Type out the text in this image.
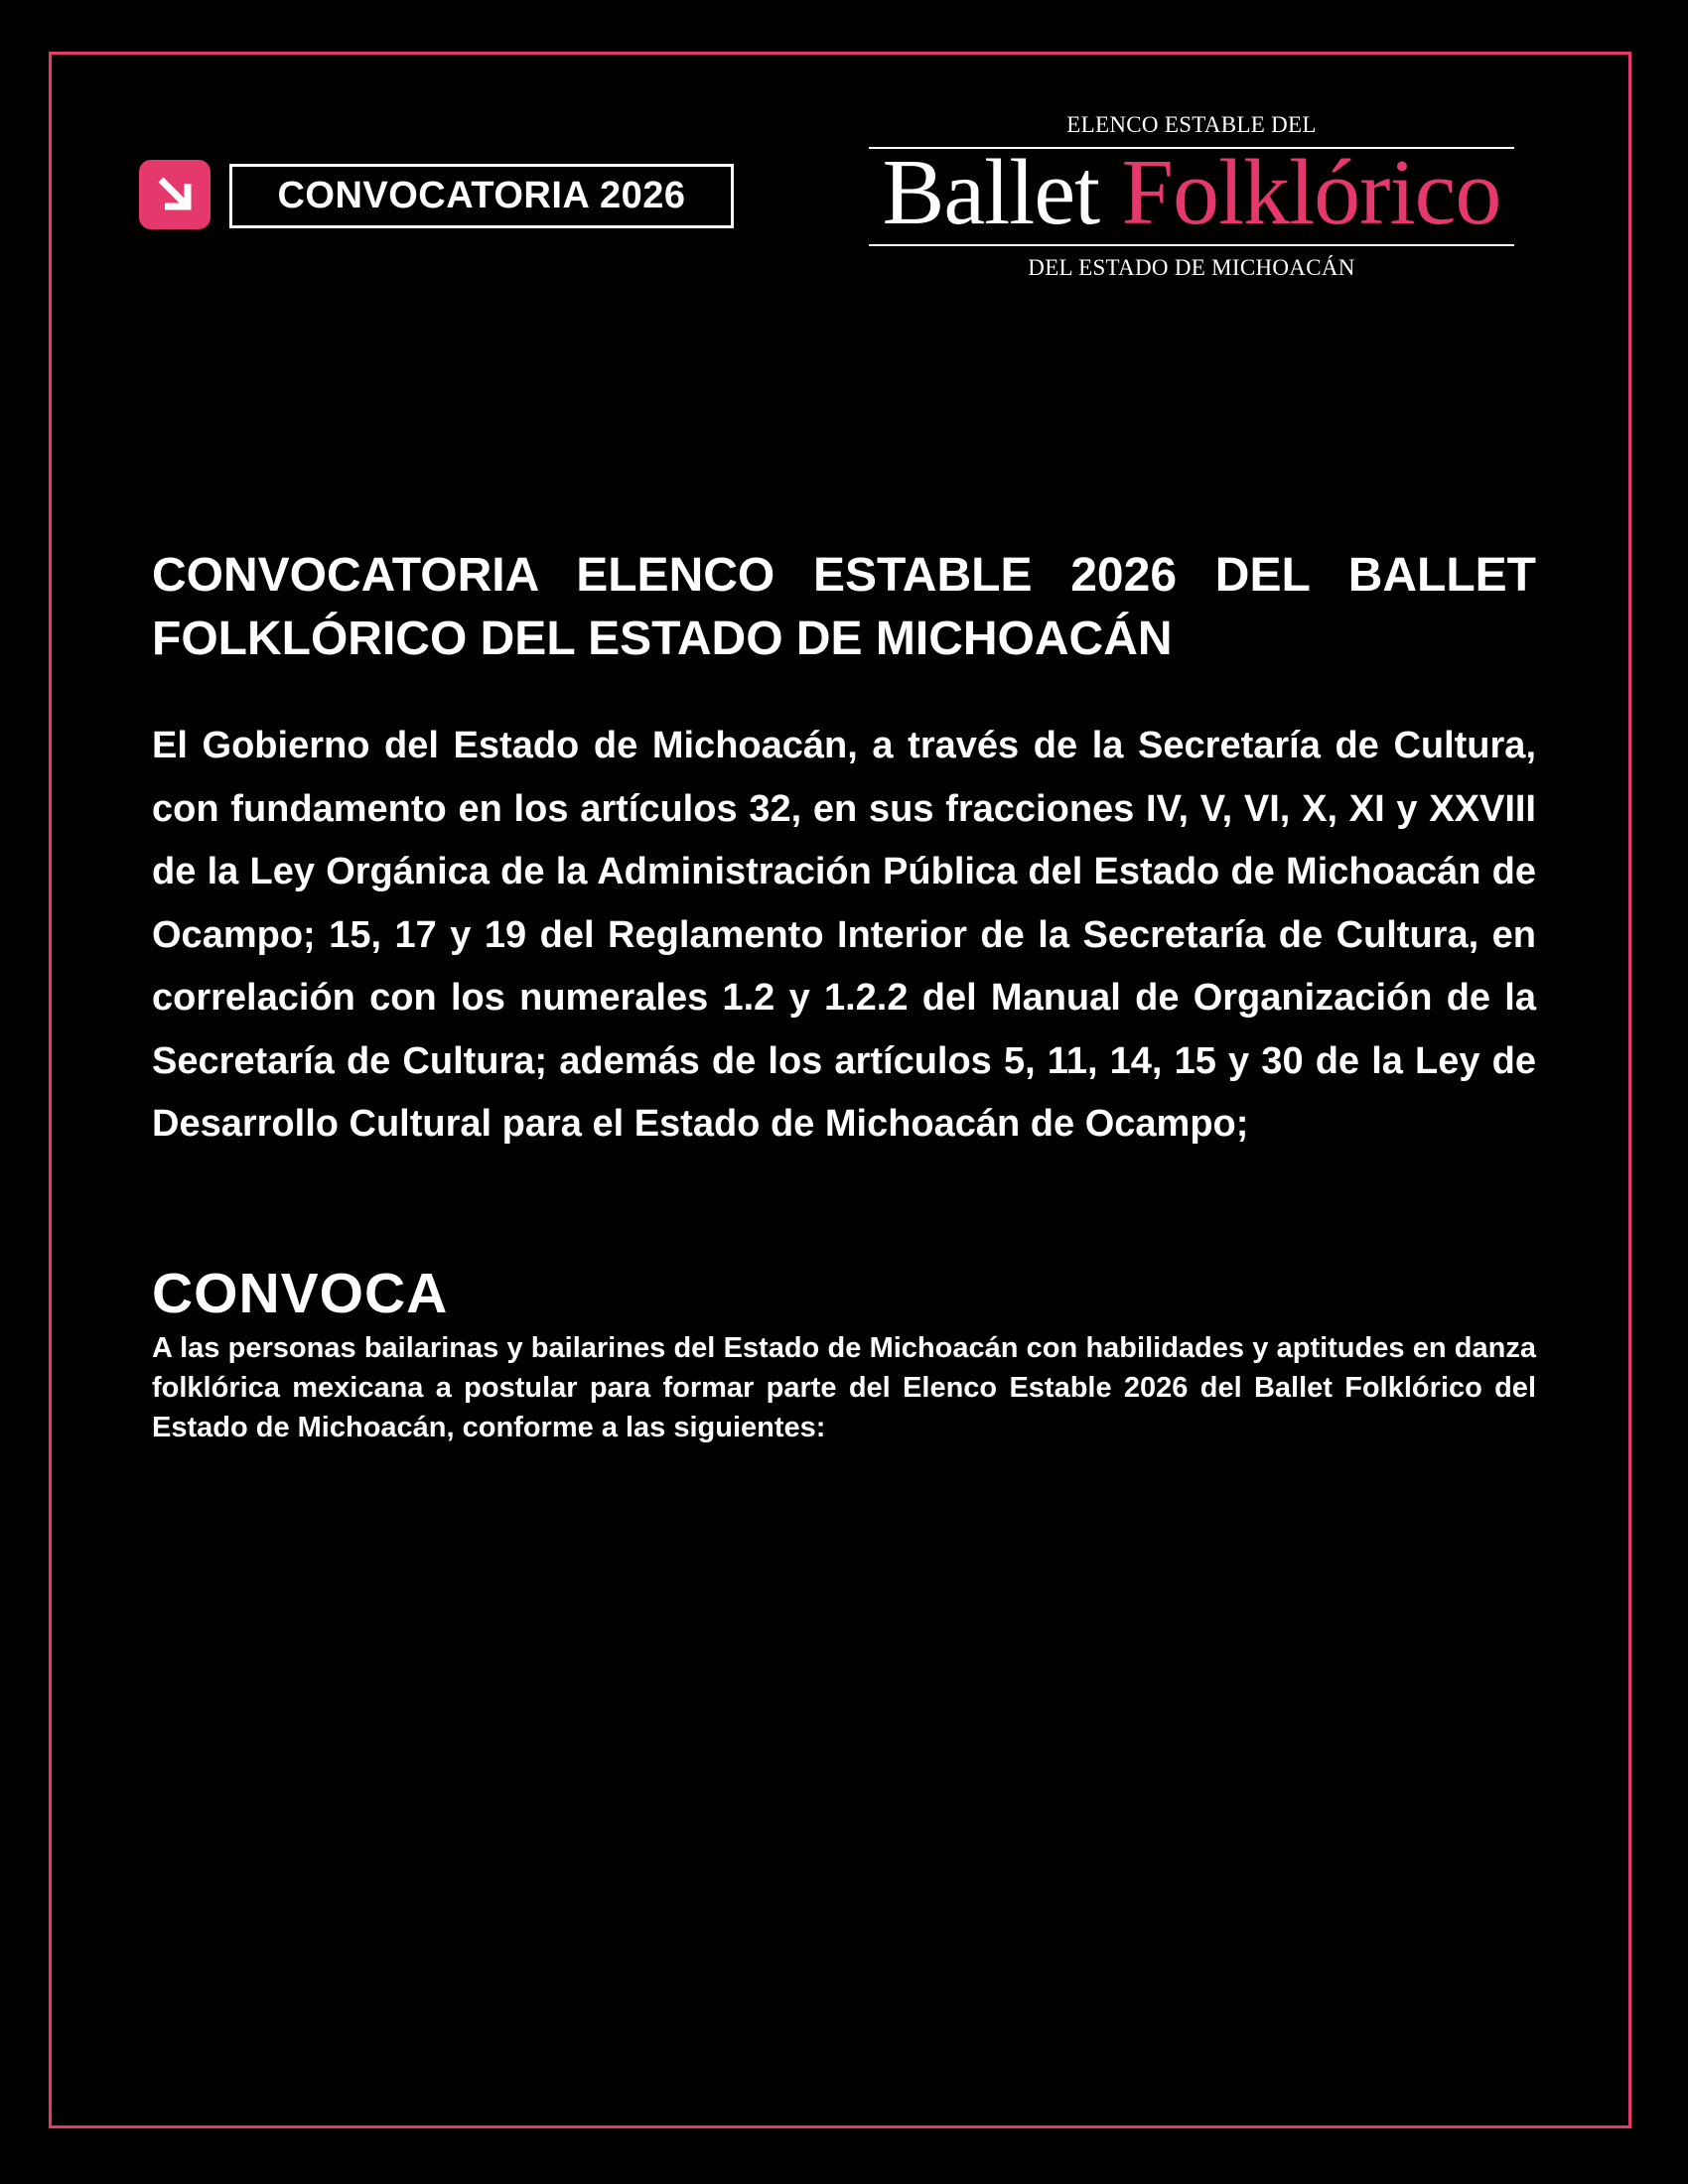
CONVOCATORIA 2026
ELENCO ESTABLE DEL
Ballet Folklórico
DEL ESTADO DE MICHOACÁN
CONVOCATORIA ELENCO ESTABLE 2026 DEL BALLET FOLKLÓRICO DEL ESTADO DE MICHOACÁN
El Gobierno del Estado de Michoacán, a través de la Secretaría de Cultura, con fundamento en los artículos 32, en sus fracciones IV, V, VI, X, XI y XXVIII de la Ley Orgánica de la Administración Pública del Estado de Michoacán de Ocampo; 15, 17 y 19 del Reglamento Interior de la Secretaría de Cultura, en correlación con los numerales 1.2 y 1.2.2 del Manual de Organización de la Secretaría de Cultura; además de los artículos 5, 11, 14, 15 y 30 de la Ley de Desarrollo Cultural para el Estado de Michoacán de Ocampo;
CONVOCA
A las personas bailarinas y bailarines del Estado de Michoacán con habilidades y aptitudes en danza folklórica mexicana a postular para formar parte del Elenco Estable 2026 del Ballet Folklórico del Estado de Michoacán, conforme a las siguientes:
